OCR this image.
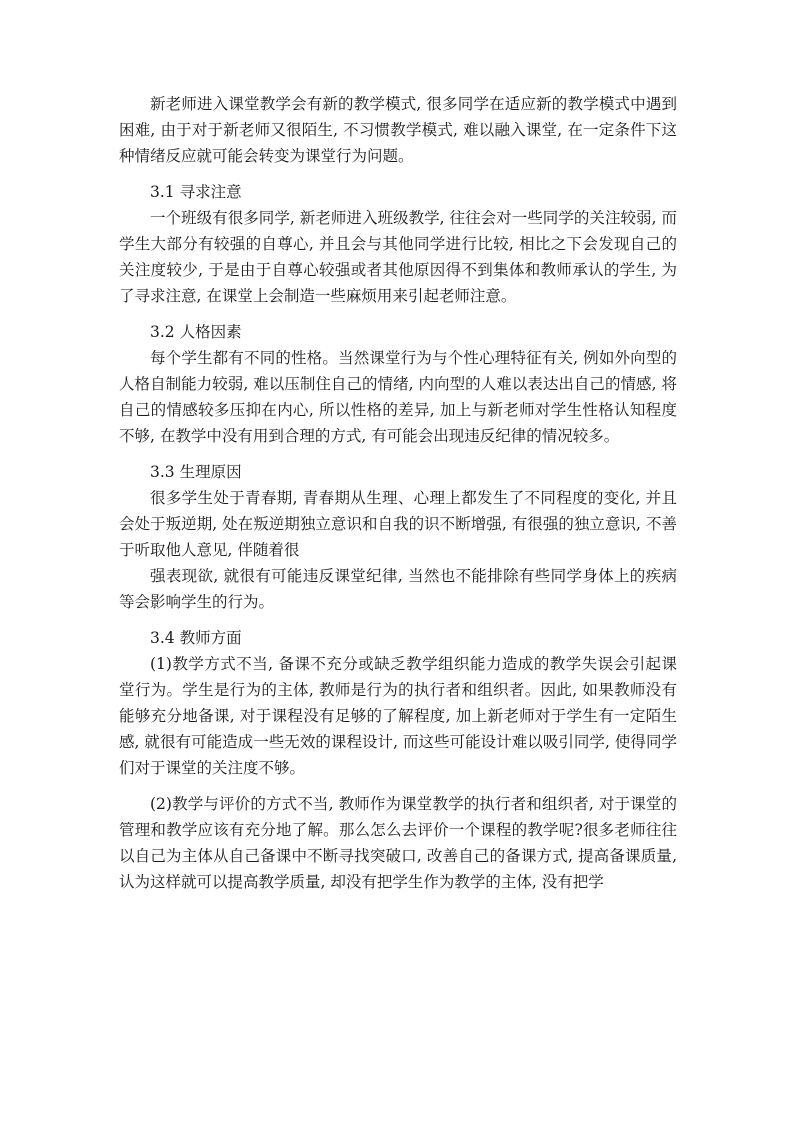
新老师进入课堂教学会有新的教学模式, 很多同学在适应新的教学模式中遇到困难, 由于对于新老师又很陌生, 不习惯教学模式, 难以融入课堂, 在一定条件下这种情绪反应就可能会转变为课堂行为问题。

3.1 寻求注意

一个班级有很多同学, 新老师进入班级教学, 往往会对一些同学的关注较弱, 而学生大部分有较强的自尊心, 并且会与其他同学进行比较, 相比之下会发现自己的关注度较少, 于是由于自尊心较强或者其他原因得不到集体和教师承认的学生, 为了寻求注意, 在课堂上会制造一些麻烦用来引起老师注意。

3.2 人格因素

每个学生都有不同的性格。当然课堂行为与个性心理特征有关, 例如外向型的人格自制能力较弱, 难以压制住自己的情绪, 内向型的人难以表达出自己的情感, 将自己的情感较多压抑在内心, 所以性格的差异, 加上与新老师对学生性格认知程度不够, 在教学中没有用到合理的方式, 有可能会出现违反纪律的情况较多。

3.3 生理原因

很多学生处于青春期, 青春期从生理、心理上都发生了不同程度的变化, 并且会处于叛逆期, 处在叛逆期独立意识和自我的识不断增强, 有很强的独立意识, 不善于听取他人意见, 伴随着很

强表现欲, 就很有可能违反课堂纪律, 当然也不能排除有些同学身体上的疾病等会影响学生的行为。

3.4 教师方面

(1)教学方式不当, 备课不充分或缺乏教学组织能力造成的教学失误会引起课堂行为。学生是行为的主体, 教师是行为的执行者和组织者。因此, 如果教师没有能够充分地备课, 对于课程没有足够的了解程度, 加上新老师对于学生有一定陌生感, 就很有可能造成一些无效的课程设计, 而这些可能设计难以吸引同学, 使得同学们对于课堂的关注度不够。

(2)教学与评价的方式不当, 教师作为课堂教学的执行者和组织者, 对于课堂的管理和教学应该有充分地了解。那么怎么去评价一个课程的教学呢?很多老师往往以自己为主体从自己备课中不断寻找突破口, 改善自己的备课方式, 提高备课质量, 认为这样就可以提高教学质量, 却没有把学生作为教学的主体, 没有把学
